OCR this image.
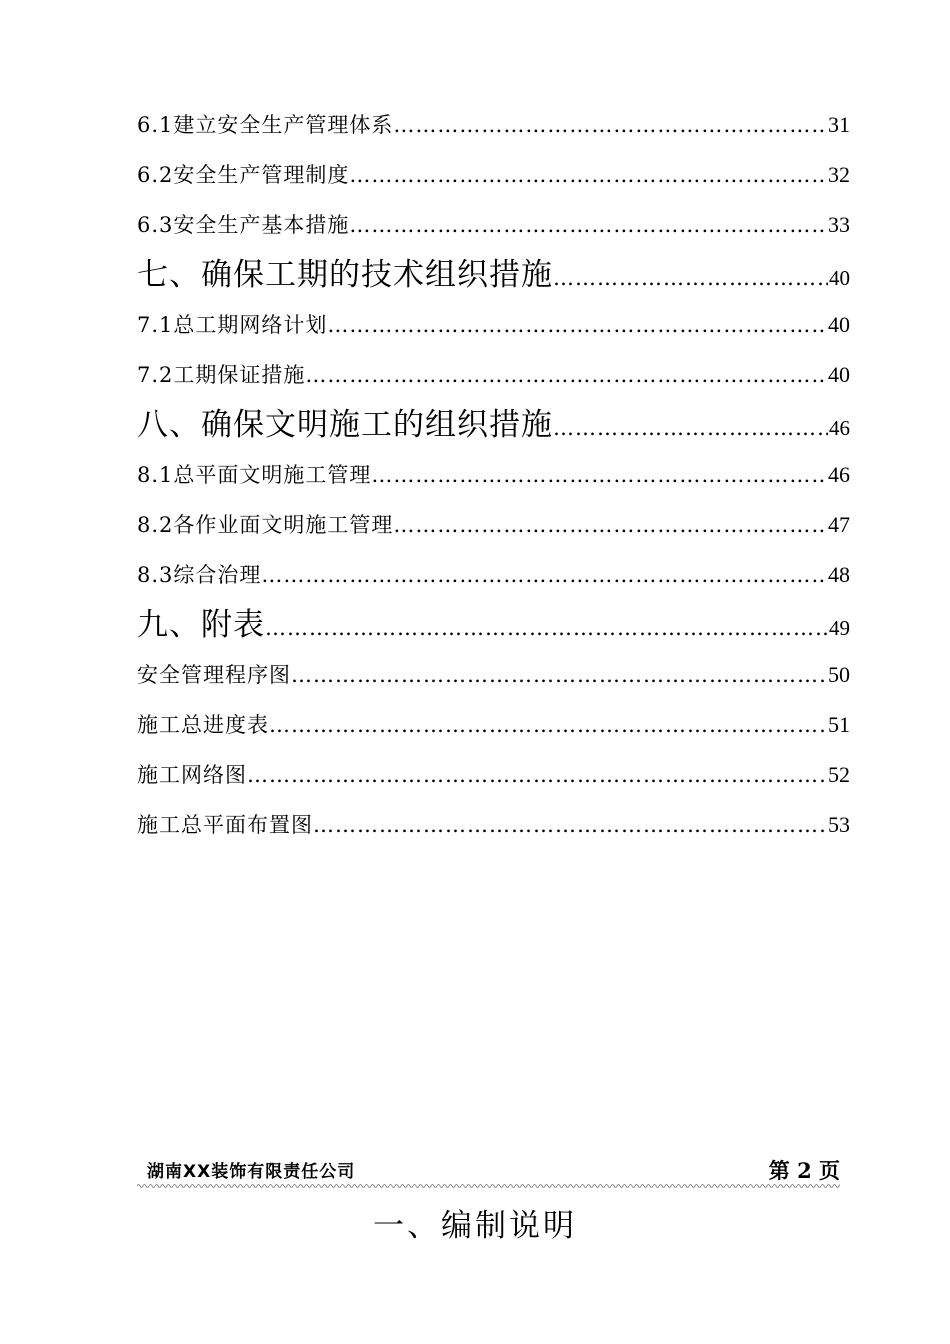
6.1建立安全生产管理体系 ……………………………………………………………………………………………………………………………………………………………………………………	31
6.2安全生产管理制度 ……………………………………………………………………………………………………………………………………………………………………………………	32
6.3安全生产基本措施 ……………………………………………………………………………………………………………………………………………………………………………………	33
七、确保工期的技术组织措施 ……………………………………………………………………………………………………………………………………………………………………………………	40
7.1总工期网络计划 ……………………………………………………………………………………………………………………………………………………………………………………	40
7.2工期保证措施 ……………………………………………………………………………………………………………………………………………………………………………………	40
八、确保文明施工的组织措施 ……………………………………………………………………………………………………………………………………………………………………………………	46
8.1总平面文明施工管理 ……………………………………………………………………………………………………………………………………………………………………………………	46
8.2各作业面文明施工管理 ……………………………………………………………………………………………………………………………………………………………………………………	47
8.3综合治理 ……………………………………………………………………………………………………………………………………………………………………………………	48
九、附表 ……………………………………………………………………………………………………………………………………………………………………………………	49
安全管理程序图 ……………………………………………………………………………………………………………………………………………………………………………………	50
施工总进度表 ……………………………………………………………………………………………………………………………………………………………………………………	51
施工网络图 ……………………………………………………………………………………………………………………………………………………………………………………	52
施工总平面布置图 ……………………………………………………………………………………………………………………………………………………………………………………	53
湖南XX装饰有限责任公司	第 2 页
一、编制说明
